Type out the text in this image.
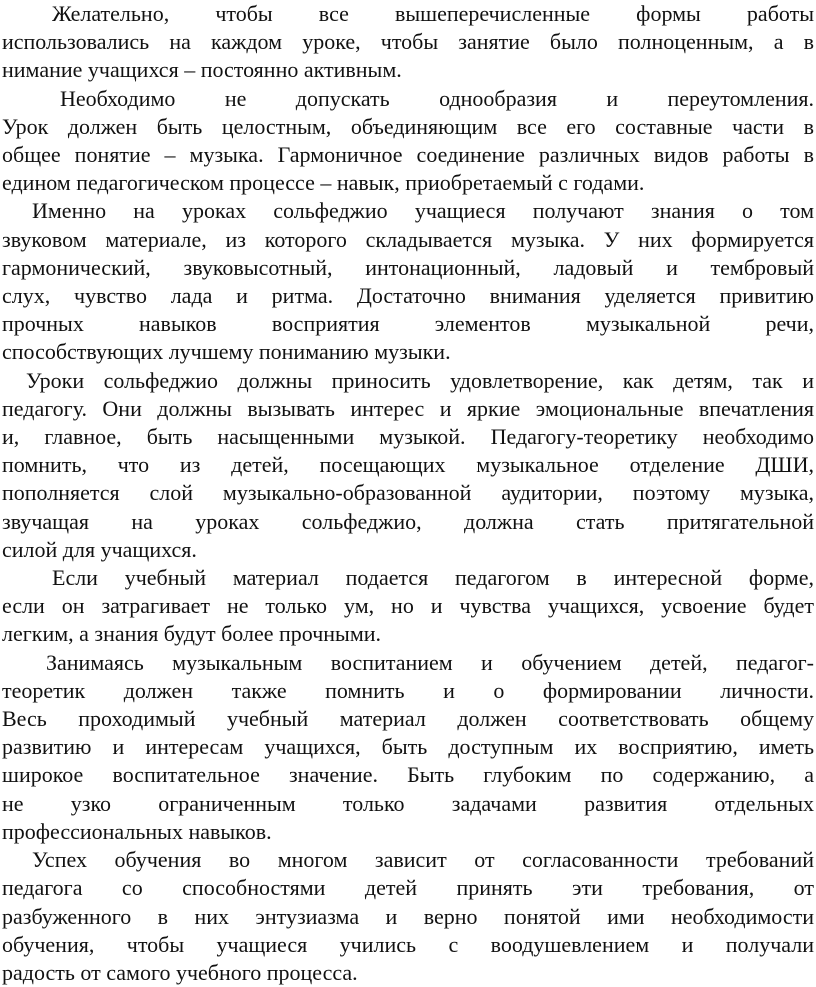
Желательно, чтобы все вышеперечисленные формы работы
использовались на каждом уроке, чтобы занятие было полноценным, а в
нимание учащихся – постоянно активным.
Необходимо не допускать однообразия и переутомления.
Урок должен быть целостным, объединяющим все его составные части в
общее понятие – музыка. Гармоничное соединение различных видов работы в
едином педагогическом процессе – навык, приобретаемый с годами.
Именно на уроках сольфеджио учащиеся получают знания о том
звуковом материале, из которого складывается музыка. У них формируется
гармонический, звуковысотный, интонационный, ладовый и тембровый
слух, чувство лада и ритма. Достаточно внимания уделяется привитию
прочных навыков восприятия элементов музыкальной речи,
способствующих лучшему пониманию музыки.
Уроки сольфеджио должны приносить удовлетворение, как детям, так и
педагогу. Они должны вызывать интерес и яркие эмоциональные впечатления
и, главное, быть насыщенными музыкой. Педагогу-теоретику необходимо
помнить, что из детей, посещающих музыкальное отделение ДШИ,
пополняется слой музыкально-образованной аудитории, поэтому музыка,
звучащая на уроках сольфеджио, должна стать притягательной
силой для учащихся.
Если учебный материал подается педагогом в интересной форме,
если он затрагивает не только ум, но и чувства учащихся, усвоение будет
легким, а знания будут более прочными.
Занимаясь музыкальным воспитанием и обучением детей, педагог-
теоретик должен также помнить и о формировании личности.
Весь проходимый учебный материал должен соответствовать общему
развитию и интересам учащихся, быть доступным их восприятию, иметь
широкое воспитательное значение. Быть глубоким по содержанию, а
не узко ограниченным только задачами развития отдельных
профессиональных навыков.
Успех обучения во многом зависит от согласованности требований
педагога со способностями детей принять эти требования, от
разбуженного в них энтузиазма и верно понятой ими необходимости
обучения, чтобы учащиеся учились с воодушевлением и получали
радость от самого учебного процесса.
